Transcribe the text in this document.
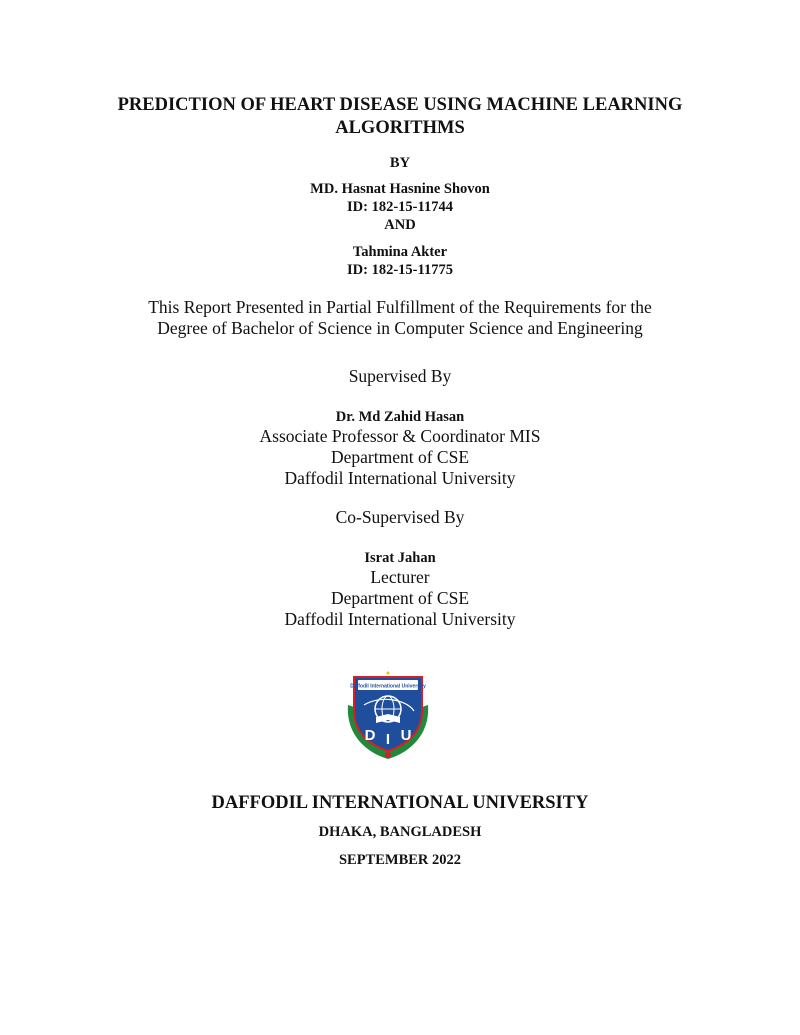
PREDICTION OF HEART DISEASE USING MACHINE LEARNING
ALGORITHMS
BY
MD. Hasnat Hasnine Shovon
ID: 182-15-11744
AND
Tahmina Akter
ID: 182-15-11775
This Report Presented in Partial Fulfillment of the Requirements for the
Degree of Bachelor of Science in Computer Science and Engineering
Supervised By
Dr. Md Zahid Hasan
Associate Professor & Coordinator MIS
Department of CSE
Daffodil International University
Co-Supervised By
Israt Jahan
Lecturer
Department of CSE
Daffodil International University
Daffodil International University
D I U
DAFFODIL INTERNATIONAL UNIVERSITY
DHAKA, BANGLADESH
SEPTEMBER 2022
